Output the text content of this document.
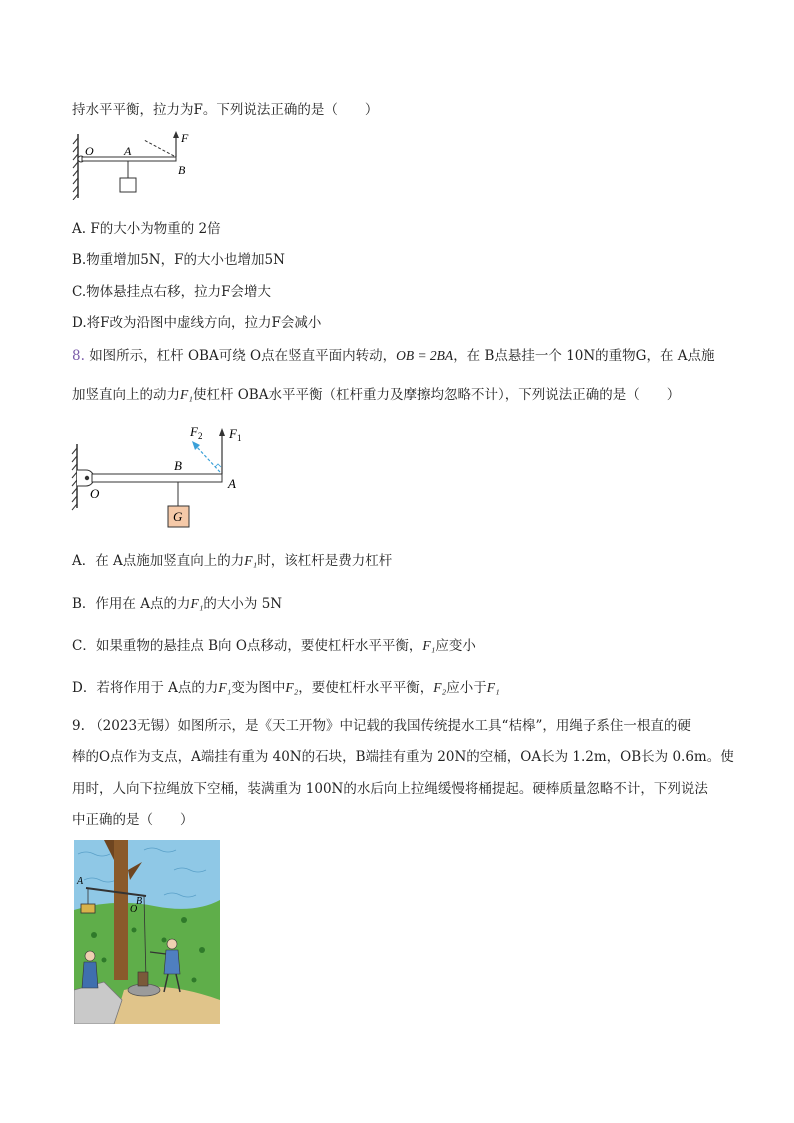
持水平平衡，拉力为F。下列说法正确的是（　　）
O	A
B
F
A. F的大小为物重的 2倍
B.物重增加5N，F的大小也增加5N
C.物体悬挂点右移，拉力F会增大
D.将F改为沿图中虚线方向，拉力F会减小
8. 如图所示，杠杆 OBA可绕 O点在竖直平面内转动，OB = 2BA，在 B点悬挂一个 10N的重物G，在 A点施
加竖直向上的动力F₁使杠杆 OBA水平平衡（杠杆重力及摩擦均忽略不计），下列说法正确的是（　　）
G
O
B
A
$F_1$
$F_2$
A．在 A点施加竖直向上的力F₁时，该杠杆是费力杠杆
B．作用在 A点的力F₁的大小为 5N
C．如果重物的悬挂点 B向 O点移动，要使杠杆水平平衡，F₁应变小
D．若将作用于 A点的力F₁变为图中F₂，要使杠杆水平平衡，F₂应小于F₁
9. （2023无锡）如图所示，是《天工开物》中记载的我国传统提水工具“桔槔”，用绳子系住一根直的硬
棒的O点作为支点，A端挂有重为 40N的石块，B端挂有重为 20N的空桶，OA长为 1.2m，OB长为 0.6m。使
用时，人向下拉绳放下空桶，装满重为 100N的水后向上拉绳缓慢将桶提起。硬棒质量忽略不计，下列说法
中正确的是（　　）
A
B
O
